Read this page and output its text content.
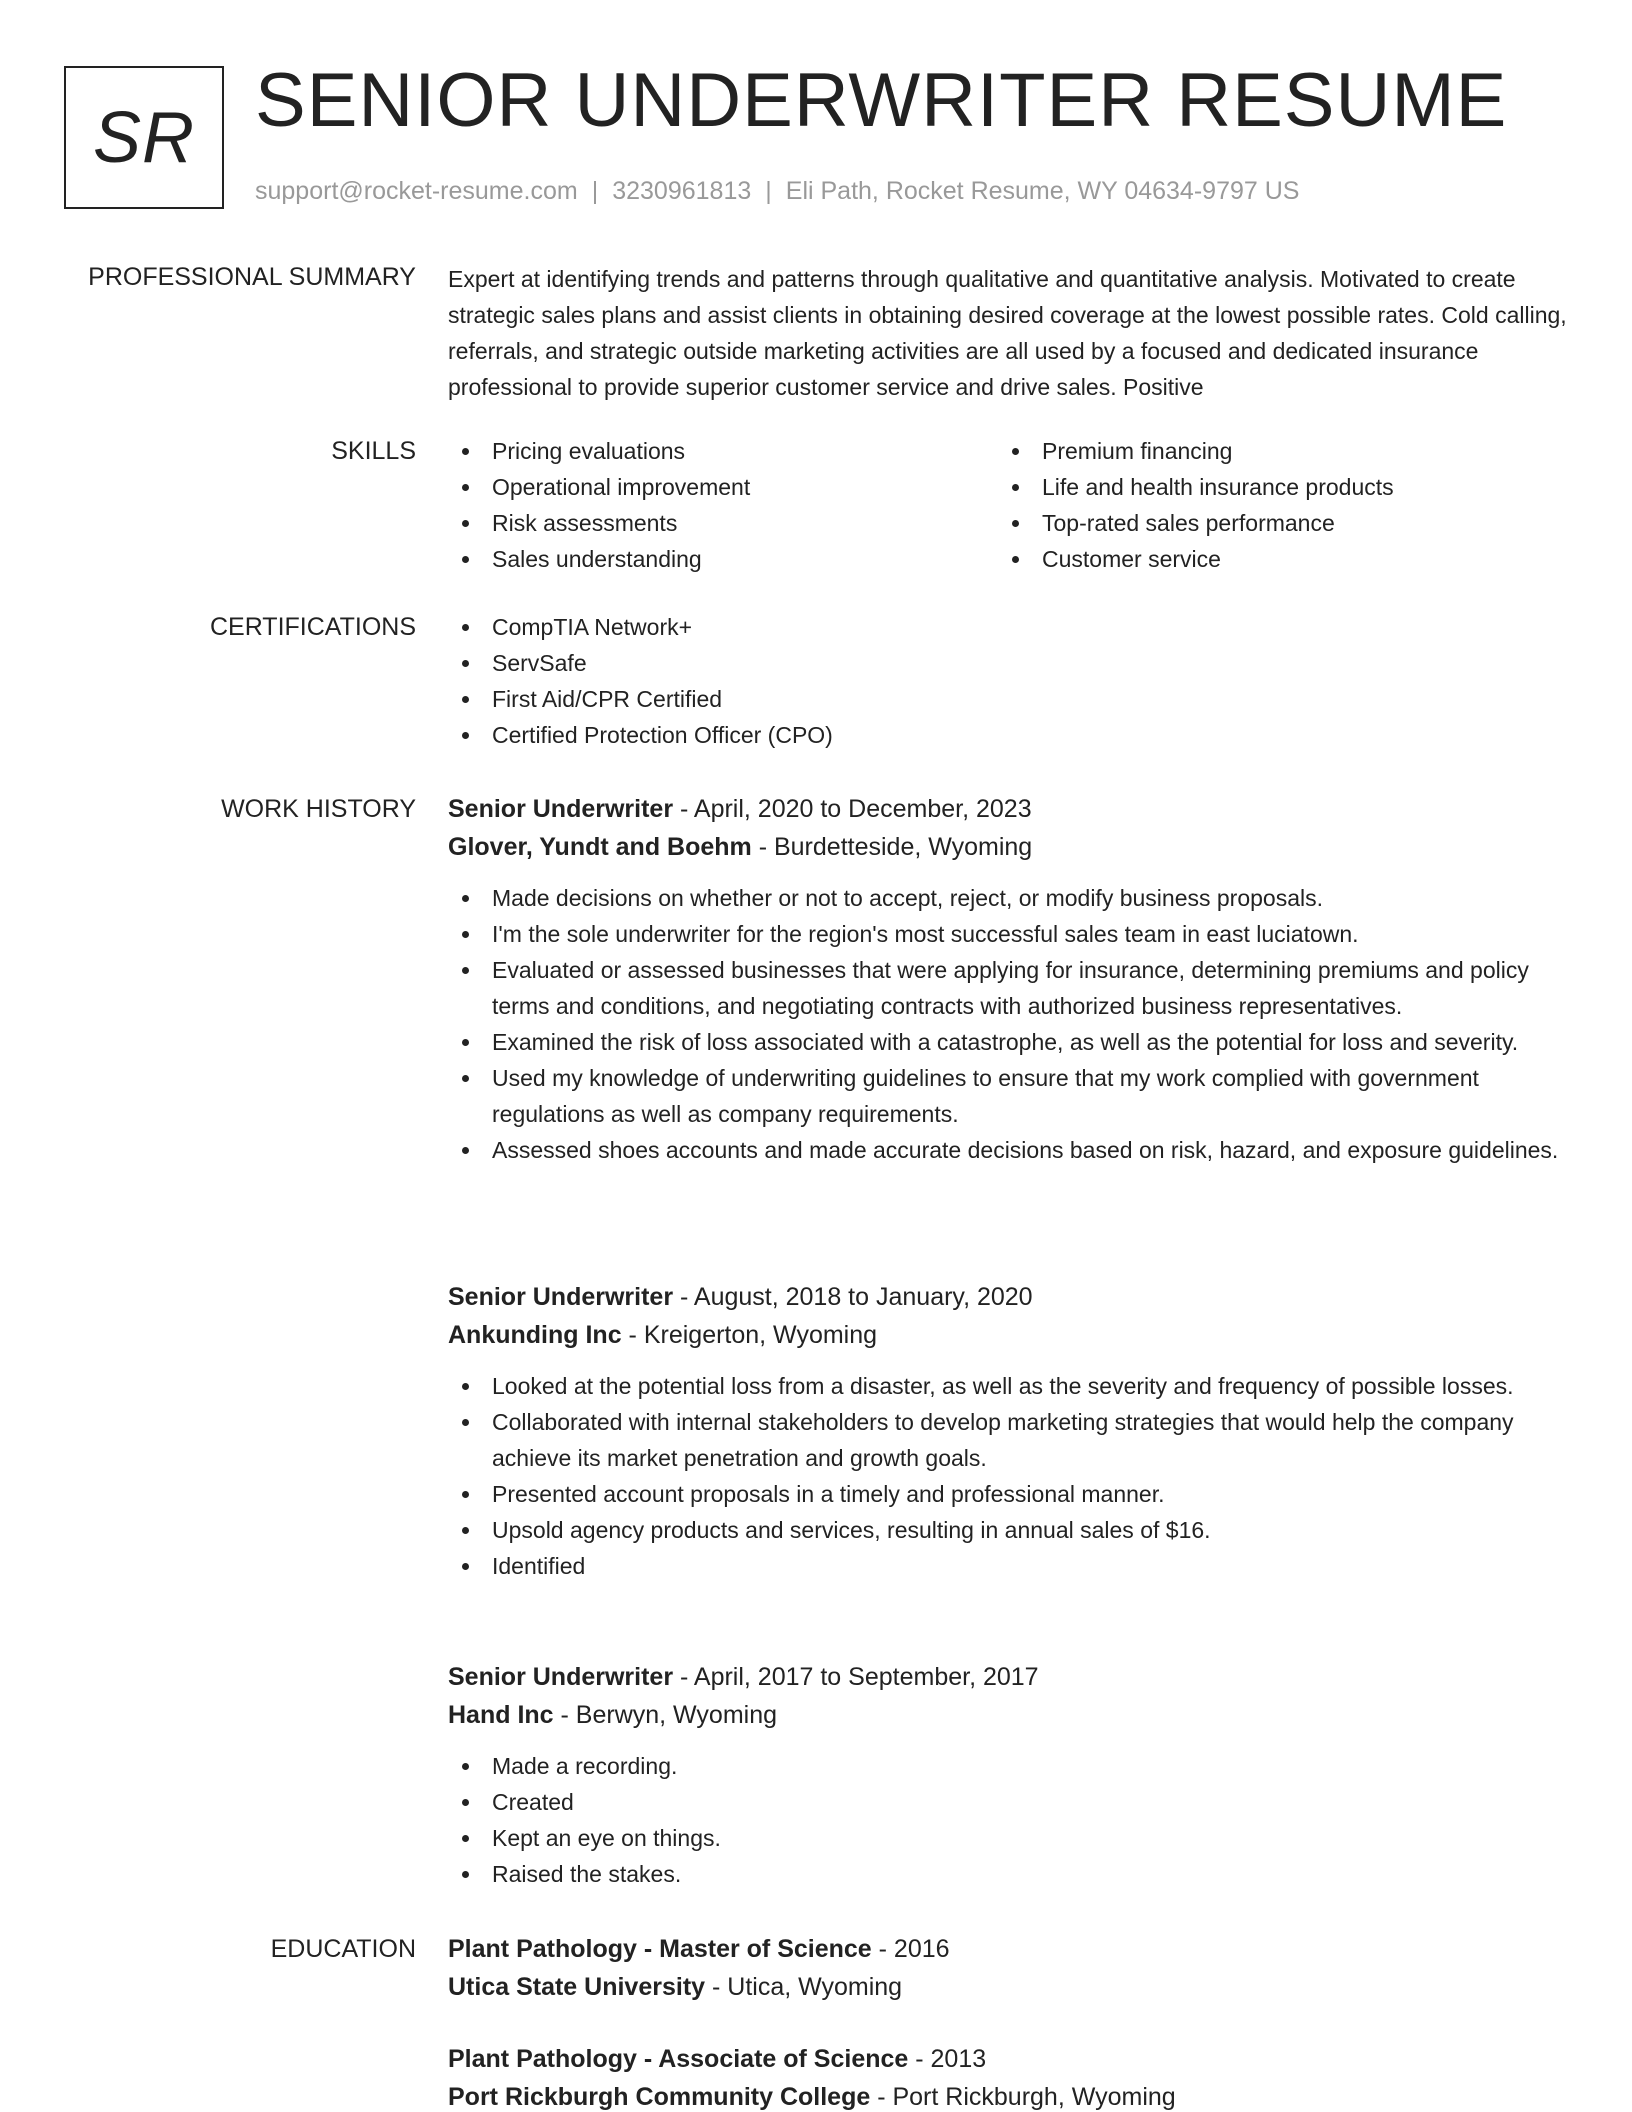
SR SENIOR UNDERWRITER RESUME
support@rocket-resume.com | 3230961813 | Eli Path, Rocket Resume, WY 04634-9797 US
PROFESSIONAL SUMMARY Expert at identifying trends and patterns through qualitative and quantitative analysis. Motivated to create strategic sales plans and assist clients in obtaining desired coverage at the lowest possible rates. Cold calling, referrals, and strategic outside marketing activities are all used by a focused and dedicated insurance professional to provide superior customer service and drive sales. Positive
SKILLS	Pricing evaluations
Operational improvement
Risk assessments
Sales understanding
Premium financing
Life and health insurance products
Top-rated sales performance
Customer service
CERTIFICATIONS	CompTIA Network+
ServSafe
First Aid/CPR Certified
Certified Protection Officer (CPO)
WORK HISTORY Senior Underwriter - April, 2020 to December, 2023
Glover, Yundt and Boehm - Burdetteside, Wyoming
Made decisions on whether or not to accept, reject, or modify business proposals.
I'm the sole underwriter for the region's most successful sales team in east luciatown.
Evaluated or assessed businesses that were applying for insurance, determining premiums and policy terms and conditions, and negotiating contracts with authorized business representatives.
Examined the risk of loss associated with a catastrophe, as well as the potential for loss and severity.
Used my knowledge of underwriting guidelines to ensure that my work complied with government regulations as well as company requirements.
Assessed shoes accounts and made accurate decisions based on risk, hazard, and exposure guidelines.
Senior Underwriter - August, 2018 to January, 2020
Ankunding Inc - Kreigerton, Wyoming
Looked at the potential loss from a disaster, as well as the severity and frequency of possible losses.
Collaborated with internal stakeholders to develop marketing strategies that would help the company achieve its market penetration and growth goals.
Presented account proposals in a timely and professional manner.
Upsold agency products and services, resulting in annual sales of $16.
Identified
Senior Underwriter - April, 2017 to September, 2017
Hand Inc - Berwyn, Wyoming
Made a recording.
Created
Kept an eye on things.
Raised the stakes.
EDUCATION Plant Pathology - Master of Science - 2016
Utica State University - Utica, Wyoming
Plant Pathology - Associate of Science - 2013
Port Rickburgh Community College - Port Rickburgh, Wyoming
